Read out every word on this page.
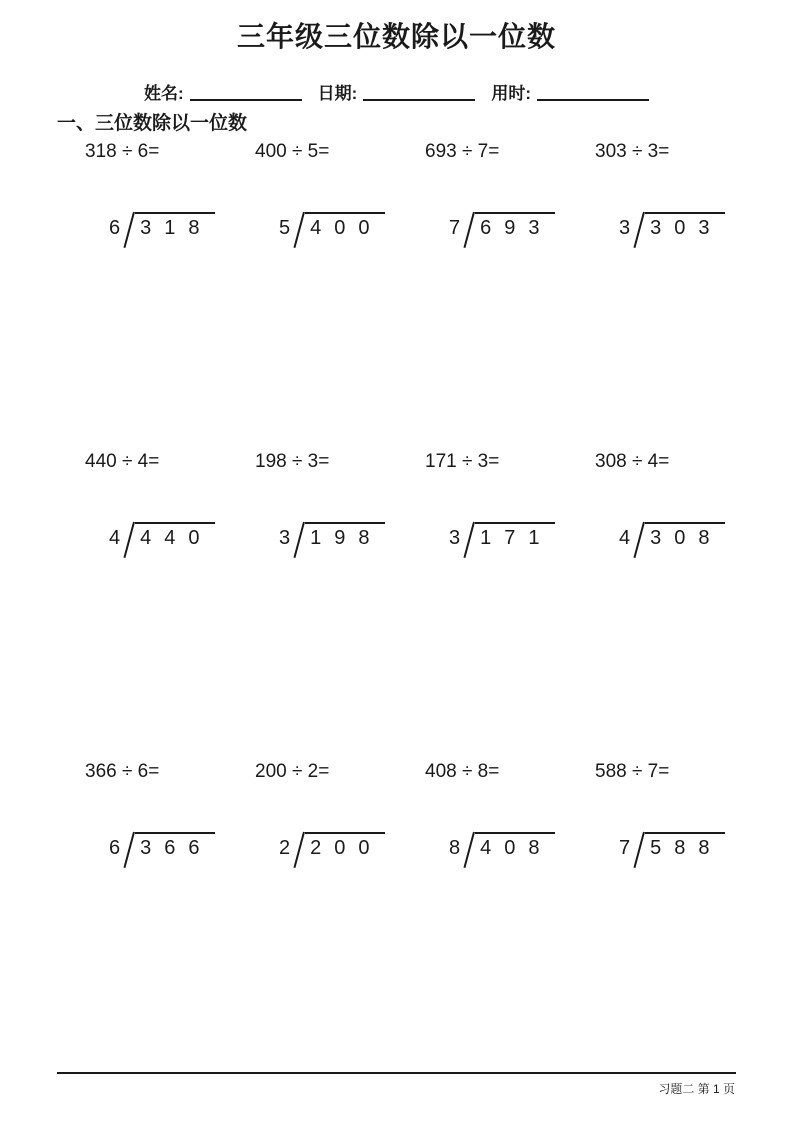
三年级三位数除以一位数
姓名:	日期:	用时:
一、三位数除以一位数
318 ÷ 6=
6 318
400 ÷ 5=
5 400
693 ÷ 7=
7 693
303 ÷ 3=
3 303
440 ÷ 4=
4 440
198 ÷ 3=
3 198
171 ÷ 3=
3 171
308 ÷ 4=
4 308
366 ÷ 6=
6 366
200 ÷ 2=
2 200
408 ÷ 8=
8 408
588 ÷ 7=
7 588
习题二 第 1 页
